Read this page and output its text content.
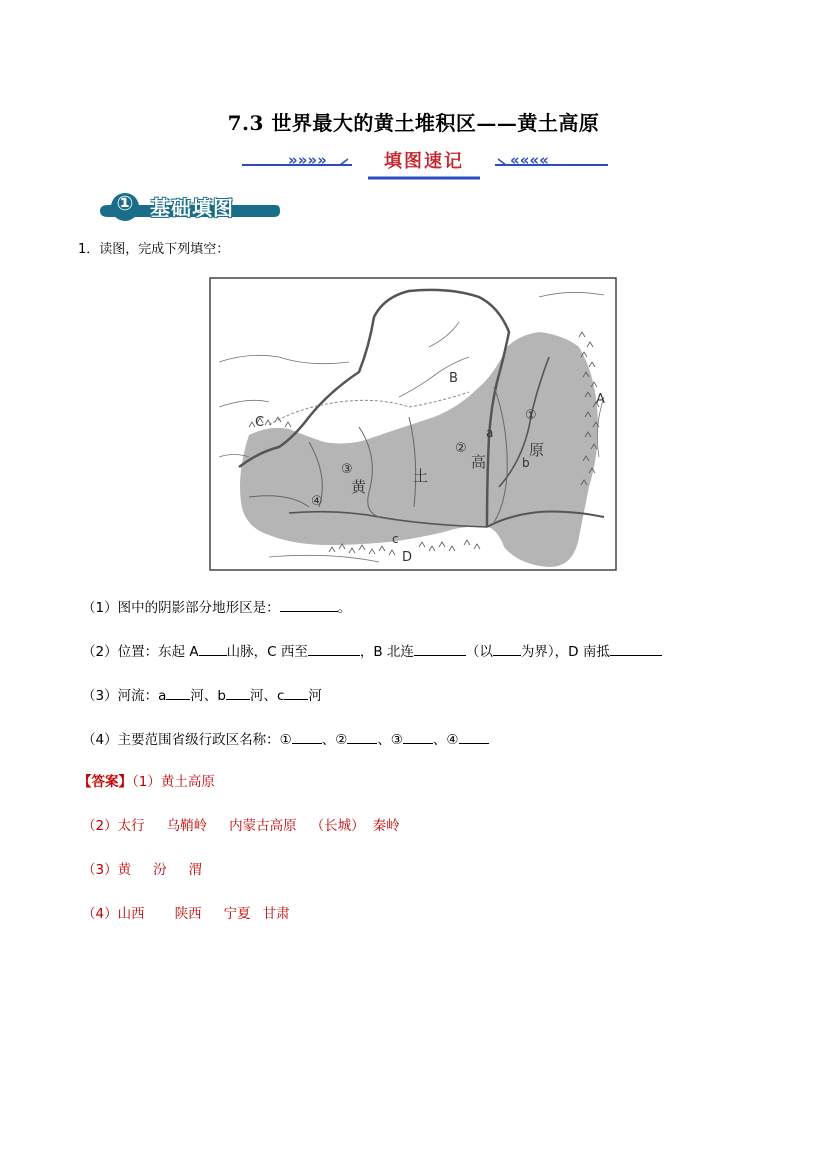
7.3 世界最大的黄土堆积区——黄土高原
»»»»	««««
填图速记
① 基础填图
1．读图，完成下列填空：
A
B
C
D
a
b
c
①
②
③
④
黄
土
高
原
（1）图中的阴影部分地形区是：	。
（2）位置：东起 A 山脉，C 西至	，B 北连	（以 为界），D 南抵
（3）河流：a 河、b 河、c 河
（4）主要范围省级行政区名称：① 、② 、③ 、④
【答案】（1）黄土高原
（2）太行 乌鞘岭 内蒙古高原 （长城） 秦岭
（3）黄 汾 渭
（4）山西 陕西 宁夏 甘肃
